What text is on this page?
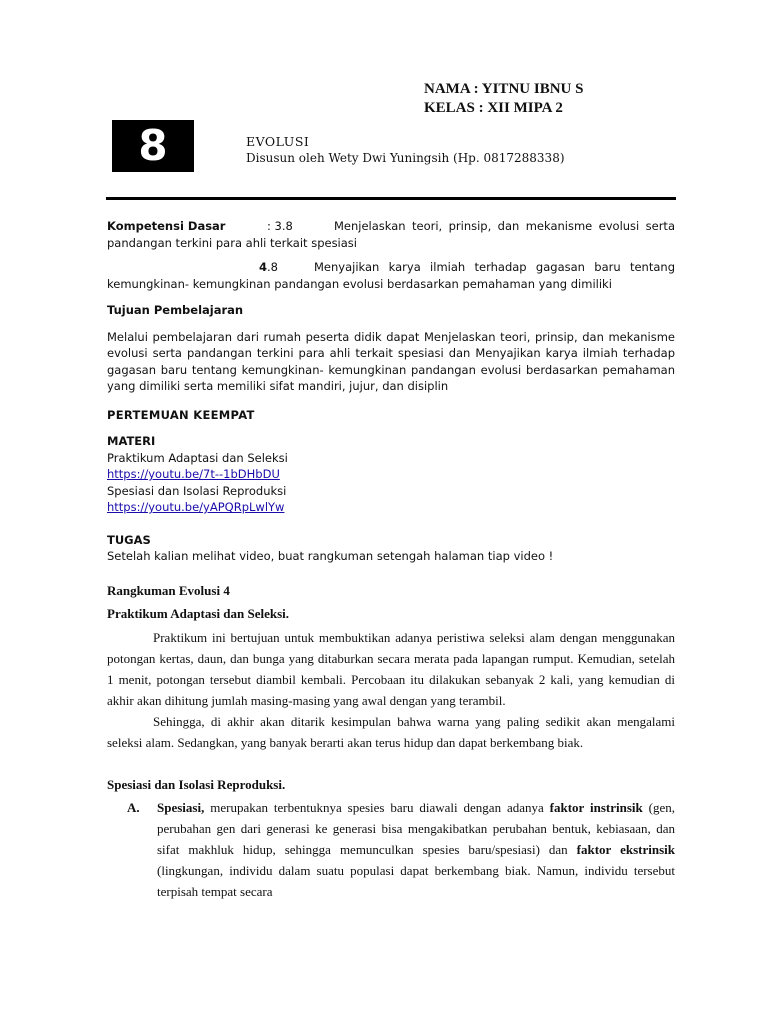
NAMA : YITNU IBNU S
KELAS : XII MIPA 2
8	EVOLUSI
Disusun oleh Wety Dwi Yuningsih (Hp. 0817288338)

Kompetensi Dasar	: 3.8	Menjelaskan teori, prinsip, dan mekanisme evolusi serta

pandangan terkini para ahli terkait spesiasi

4.8	Menyajikan karya ilmiah terhadap gagasan baru tentang

kemungkinan- kemungkinan pandangan evolusi berdasarkan pemahaman yang dimiliki

Tujuan Pembelajaran

Melalui pembelajaran dari rumah peserta didik dapat Menjelaskan teori, prinsip, dan mekanisme evolusi serta pandangan terkini para ahli terkait spesiasi dan Menyajikan karya ilmiah terhadap gagasan baru tentang kemungkinan- kemungkinan pandangan evolusi berdasarkan pemahaman yang dimiliki serta memiliki sifat mandiri, jujur, dan disiplin

PERTEMUAN KEEMPAT

MATERI

Praktikum Adaptasi dan Seleksi

https://youtu.be/7t--1bDHbDU

Spesiasi dan Isolasi Reproduksi

https://youtu.be/yAPQRpLwlYw

TUGAS

Setelah kalian melihat video, buat rangkuman setengah halaman tiap video !

Rangkuman Evolusi 4

Praktikum Adaptasi dan Seleksi.

Praktikum ini bertujuan untuk membuktikan adanya peristiwa seleksi alam dengan menggunakan potongan kertas, daun, dan bunga yang ditaburkan secara merata pada lapangan rumput. Kemudian, setelah 1 menit, potongan tersebut diambil kembali. Percobaan itu dilakukan sebanyak 2 kali, yang kemudian di akhir akan dihitung jumlah masing-masing yang awal dengan yang terambil.

Sehingga, di akhir akan ditarik kesimpulan bahwa warna yang paling sedikit akan mengalami seleksi alam. Sedangkan, yang banyak berarti akan terus hidup dan dapat berkembang biak.

Spesiasi dan Isolasi Reproduksi.

A.	Spesiasi, merupakan terbentuknya spesies baru diawali dengan adanya faktor instrinsik (gen, perubahan gen dari generasi ke generasi bisa mengakibatkan perubahan bentuk, kebiasaan, dan sifat makhluk hidup, sehingga memunculkan spesies baru/spesiasi) dan faktor ekstrinsik (lingkungan, individu dalam suatu populasi dapat berkembang biak. Namun, individu tersebut terpisah tempat secara
